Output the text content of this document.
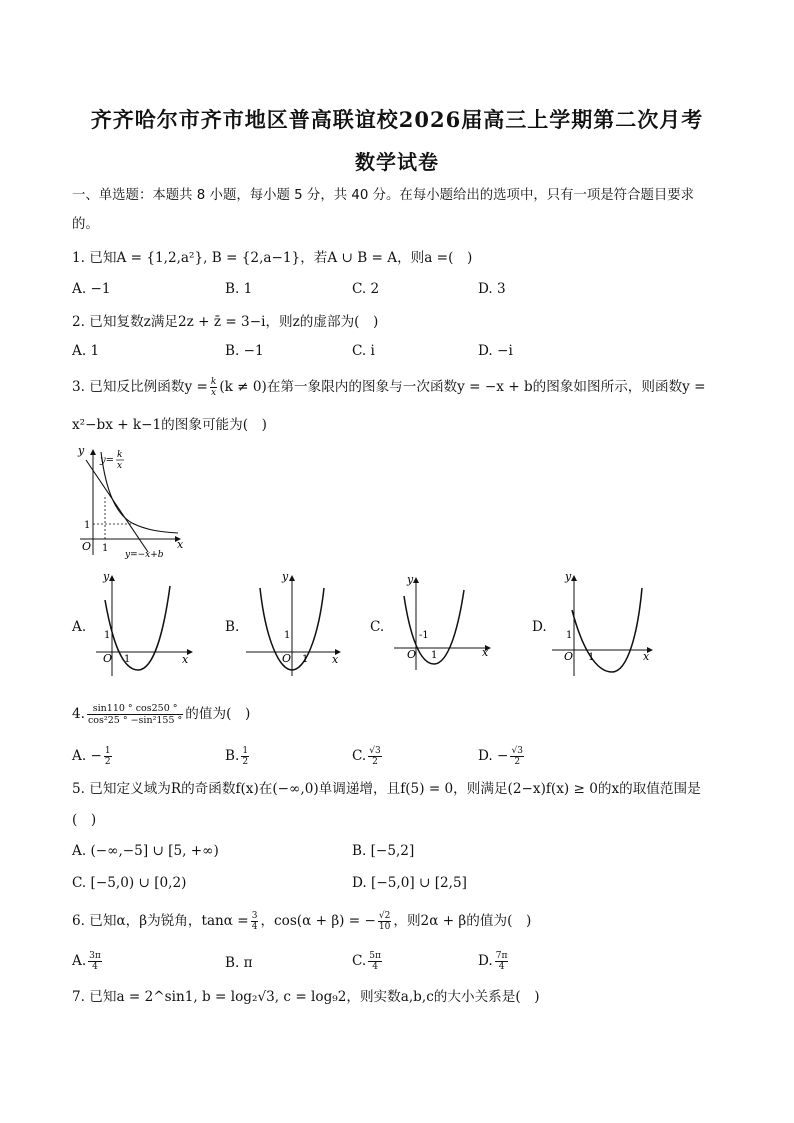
齐齐哈尔市齐市地区普高联谊校2026届高三上学期第二次月考
数学试卷
一、单选题：本题共 8 小题，每小题 5 分，共 40 分。在每小题给出的选项中，只有一项是符合题目要求
的。
1. 已知A = {1,2,a²}, B = {2,a−1}，若A ∪ B = A，则a =(　)
A. −1	B. 1	C. 2	D. 3
2. 已知复数z满足2z + z̄ = 3−i，则z的虚部为(　)
A. 1	B. −1	C. i	D. −i
3. 已知反比例函数$y = \frac{k}{x} (k \ne 0)$在第一象限内的图象与一次函数y = −x + b的图象如图所示，则函数y =
x²−bx + k−1的图象可能为(　)
y
x
O 1
1
y= k
x
y=−x+b
A.
y
x
O
1
1
B.
y
x
O
1
1
C.
y
x
O
-1
1
D.
y
x
O
1
1
4. $\frac{\sin 110 ^\circ \cos 250 ^\circ}{\text{cos²25 ° −sin²155 °}}$ 的值为(　)
A. − $\frac{1}{2}$	B. $\frac{1}{2}$	C. $\frac{√3}{2}$	D. − $\frac{√3}{2}$
5. 已知定义域为R的奇函数f(x)在(−∞,0)单调递增，且f(5) = 0，则满足(2−x)f(x) ≥ 0的x的取值范围是
(　)
A. (−∞,−5] ∪ [5, +∞)	B. [−5,2]
C. [−5,0) ∪ [0,2)	D. [−5,0] ∪ [2,5]
6. 已知α，β为锐角，$\tan\alpha = \frac{3}{4}$ ，cos(α + β) = − $\frac{√2}{10}$ ，则2α + β的值为(　)
A. $\frac{3\pi}{4}$	B. π	C. $\frac{5\pi}{4}$	D. $\frac{7\pi}{4}$
7. 已知a = 2^sin1, b = log₂√3, c = log₉2，则实数a,b,c的大小关系是(　)
